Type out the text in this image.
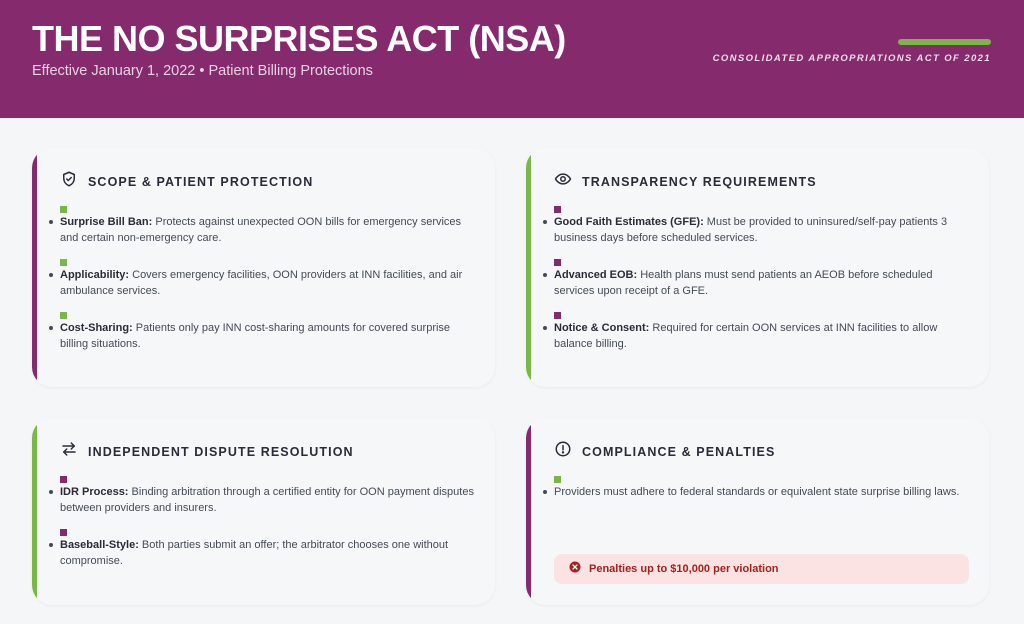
THE NO SURPRISES ACT (NSA)
Effective January 1, 2022 • Patient Billing Protections
CONSOLIDATED APPROPRIATIONS ACT OF 2021
SCOPE & PATIENT PROTECTION
Surprise Bill Ban: Protects against unexpected OON bills for emergency services and certain non-emergency care.
Applicability: Covers emergency facilities, OON providers at INN facilities, and air ambulance services.
Cost-Sharing: Patients only pay INN cost-sharing amounts for covered surprise billing situations.
TRANSPARENCY REQUIREMENTS
Good Faith Estimates (GFE): Must be provided to uninsured/self-pay patients 3 business days before scheduled services.
Advanced EOB: Health plans must send patients an AEOB before scheduled services upon receipt of a GFE.
Notice & Consent: Required for certain OON services at INN facilities to allow balance billing.
INDEPENDENT DISPUTE RESOLUTION
IDR Process: Binding arbitration through a certified entity for OON payment disputes between providers and insurers.
Baseball-Style: Both parties submit an offer; the arbitrator chooses one without compromise.
COMPLIANCE & PENALTIES
Providers must adhere to federal standards or equivalent state surprise billing laws.
Penalties up to $10,000 per violation
